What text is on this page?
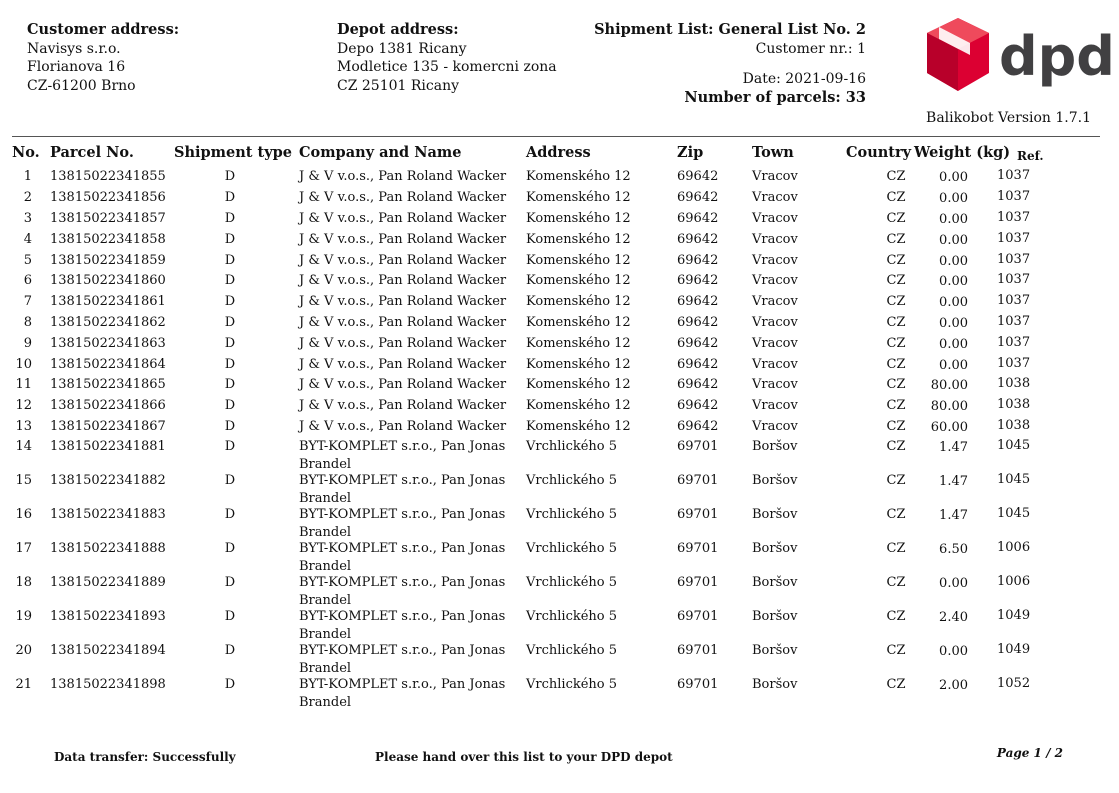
Customer address:
Navisys s.r.o.
Florianova 16
CZ-61200 Brno
Depot address:
Depo 1381 Ricany
Modletice 135 - komercni zona
CZ 25101 Ricany
Shipment List: General List No. 2
Customer nr.: 1
Date: 2021-09-16
Number of parcels: 33
dpd
Balikobot Version 1.7.1
No. Parcel No.	Shipment type Company and Name	Address	Zip	Town	Country Weight (kg) Ref.
1 13815022341855	D	J & V v.o.s., Pan Roland Wacker	Komenského 12	69642	Vracov	CZ	0.00 1037
2 13815022341856	D	J & V v.o.s., Pan Roland Wacker	Komenského 12	69642	Vracov	CZ	0.00 1037
3 13815022341857	D	J & V v.o.s., Pan Roland Wacker	Komenského 12	69642	Vracov	CZ	0.00 1037
4 13815022341858	D	J & V v.o.s., Pan Roland Wacker	Komenského 12	69642	Vracov	CZ	0.00 1037
5 13815022341859	D	J & V v.o.s., Pan Roland Wacker	Komenského 12	69642	Vracov	CZ	0.00 1037
6 13815022341860	D	J & V v.o.s., Pan Roland Wacker	Komenského 12	69642	Vracov	CZ	0.00 1037
7 13815022341861	D	J & V v.o.s., Pan Roland Wacker	Komenského 12	69642	Vracov	CZ	0.00 1037
8 13815022341862	D	J & V v.o.s., Pan Roland Wacker	Komenského 12	69642	Vracov	CZ	0.00 1037
9 13815022341863	D	J & V v.o.s., Pan Roland Wacker	Komenského 12	69642	Vracov	CZ	0.00 1037
10 13815022341864	D	J & V v.o.s., Pan Roland Wacker	Komenského 12	69642	Vracov	CZ	0.00 1037
11 13815022341865	D	J & V v.o.s., Pan Roland Wacker	Komenského 12	69642	Vracov	CZ	80.00 1038
12 13815022341866	D	J & V v.o.s., Pan Roland Wacker	Komenského 12	69642	Vracov	CZ	80.00 1038
13 13815022341867	D	J & V v.o.s., Pan Roland Wacker	Komenského 12	69642	Vracov	CZ	60.00 1038
14 13815022341881	D	BYT-KOMPLET s.r.o., Pan Jonas Brandel
Vrchlického 5	69701	Boršov	CZ	1.47 1045
15 13815022341882	D	BYT-KOMPLET s.r.o., Pan Jonas Brandel
Vrchlického 5	69701	Boršov	CZ	1.47 1045
16 13815022341883	D	BYT-KOMPLET s.r.o., Pan Jonas Brandel
Vrchlického 5	69701	Boršov	CZ	1.47 1045
17 13815022341888	D	BYT-KOMPLET s.r.o., Pan Jonas Brandel
Vrchlického 5	69701	Boršov	CZ	6.50 1006
18 13815022341889	D	BYT-KOMPLET s.r.o., Pan Jonas Brandel
Vrchlického 5	69701	Boršov	CZ	0.00 1006
19 13815022341893	D	BYT-KOMPLET s.r.o., Pan Jonas Brandel
Vrchlického 5	69701	Boršov	CZ	2.40 1049
20 13815022341894	D	BYT-KOMPLET s.r.o., Pan Jonas Brandel
Vrchlického 5	69701	Boršov	CZ	0.00 1049
21 13815022341898	D	BYT-KOMPLET s.r.o., Pan Jonas Brandel
Vrchlického 5	69701	Boršov	CZ	2.00 1052
Data transfer: Successfully	Please hand over this list to your DPD depot	Page 1 / 2
